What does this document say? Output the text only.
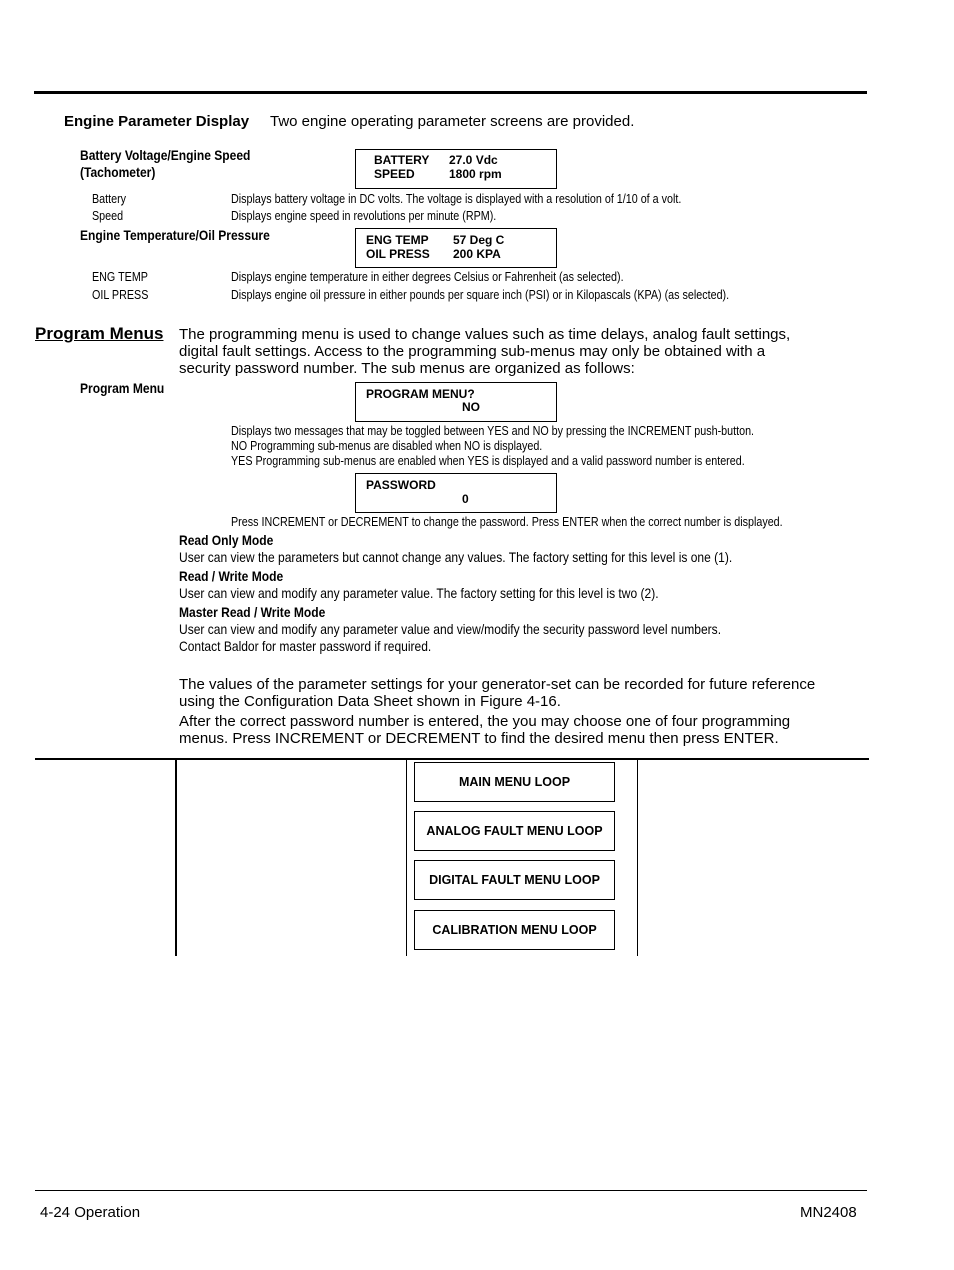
Engine Parameter Display Two engine operating parameter screens are provided.
Battery Voltage/Engine Speed
(Tachometer)
BATTERY 27.0 Vdc
SPEED	1800 rpm
Battery	Displays battery voltage in DC volts. The voltage is displayed with a resolution of 1/10 of a volt.
Speed	Displays engine speed in revolutions per minute (RPM).
Engine Temperature/Oil Pressure	ENG TEMP 57 Deg C
OIL PRESS 200 KPA
ENG TEMP	Displays engine temperature in either degrees Celsius or Fahrenheit (as selected).
OIL PRESS	Displays engine oil pressure in either pounds per square inch (PSI) or in Kilopascals (KPA) (as selected).
Program Menus The programming menu is used to change values such as time delays, analog fault settings,
digital fault settings. Access to the programming sub-menus may only be obtained with a
security password number. The sub menus are organized as follows:
Program Menu	PROGRAM MENU?
NO
Displays two messages that may be toggled between YES and NO by pressing the INCREMENT push-button.
NO Programming sub-menus are disabled when NO is displayed.
YES Programming sub-menus are enabled when YES is displayed and a valid password number is entered.
PASSWORD
0
Press INCREMENT or DECREMENT to change the password. Press ENTER when the correct number is displayed.
Read Only Mode
User can view the parameters but cannot change any values. The factory setting for this level is one (1).
Read / Write Mode
User can view and modify any parameter value. The factory setting for this level is two (2).
Master Read / Write Mode
User can view and modify any parameter value and view/modify the security password level numbers.
Contact Baldor for master password if required.
The values of the parameter settings for your generator-set can be recorded for future reference
using the Configuration Data Sheet shown in Figure 4-16.
After the correct password number is entered, the you may choose one of four programming
menus. Press INCREMENT or DECREMENT to find the desired menu then press ENTER.
MAIN MENU LOOP
ANALOG FAULT MENU LOOP
DIGITAL FAULT MENU LOOP
CALIBRATION MENU LOOP
4-24 Operation	MN2408
